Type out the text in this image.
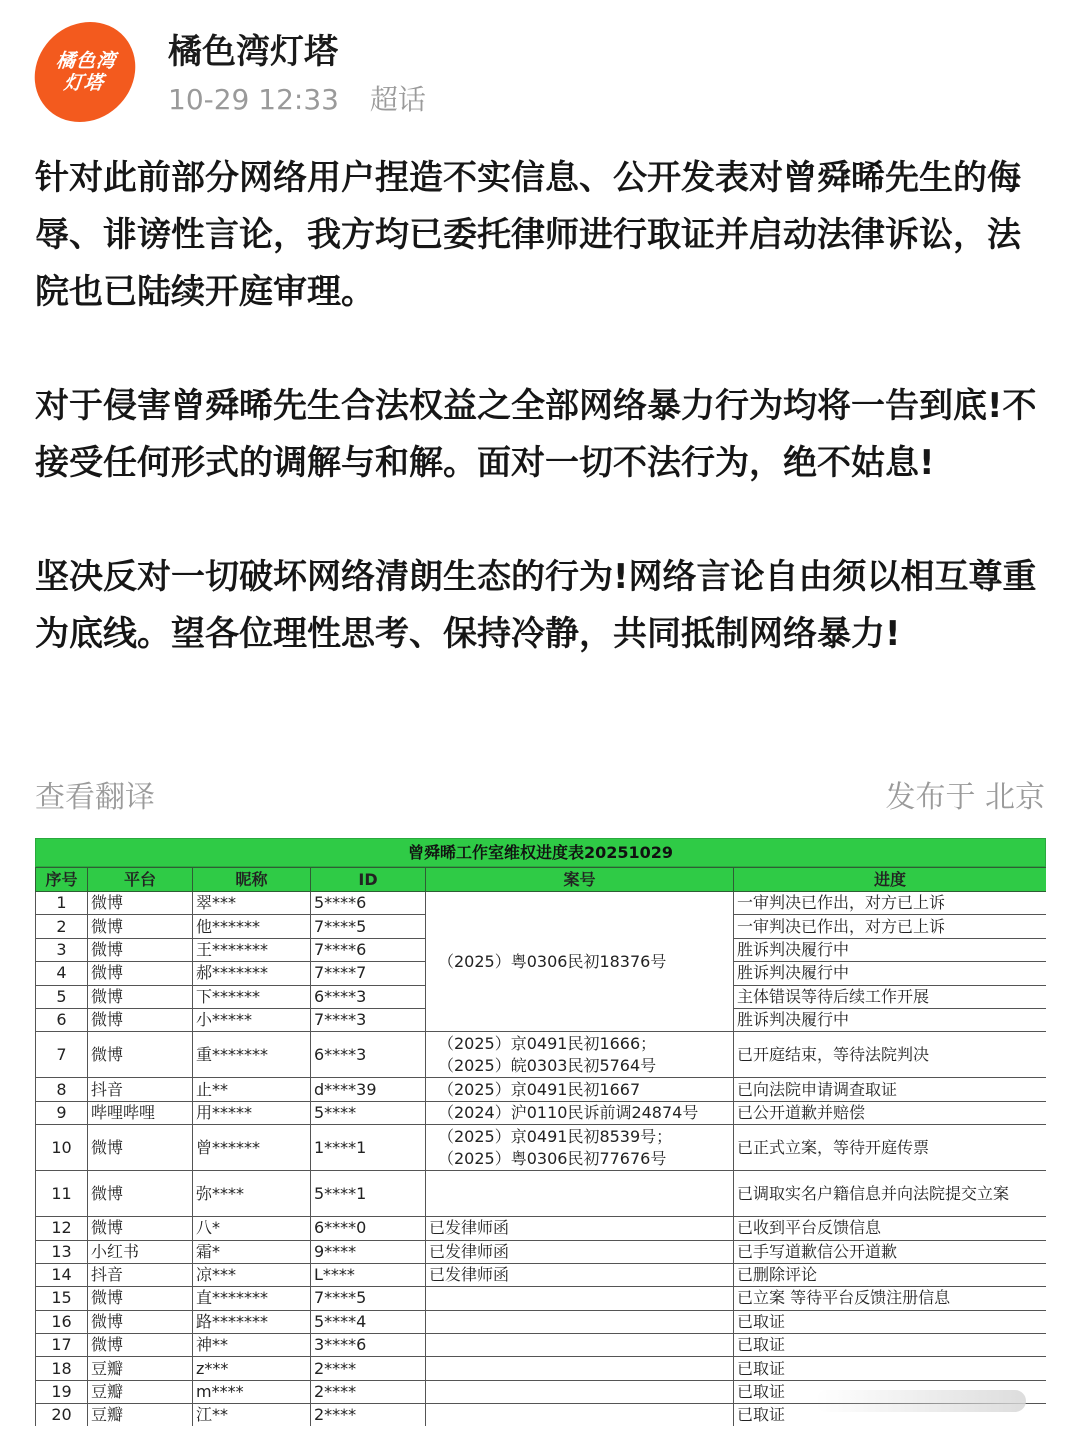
橘色湾
灯塔
橘色湾灯塔
10-29 12:33 超话

针对此前部分网络用户捏造不实信息、公开发表对曾舜晞先生的侮辱、诽谤性言论，我方均已委托律师进行取证并启动法律诉讼，法院也已陆续开庭审理。

对于侵害曾舜晞先生合法权益之全部网络暴力行为均将一告到底!不接受任何形式的调解与和解。面对一切不法行为，绝不姑息!

坚决反对一切破坏网络清朗生态的行为!网络言论自由须以相互尊重为底线。望各位理性思考、保持冷静，共同抵制网络暴力!

查看翻译	发布于 北京
曾舜晞工作室维权进度表20251029
序号	平台	昵称	ID	案号	进度
1	微博	翠***	5****6	（2025）粤0306民初18376号	一审判决已作出，对方已上诉
2	微博	他******	7****5		一审判决已作出，对方已上诉
3	微博	王*******	7****6		胜诉判决履行中
4	微博	郝*******	7****7		胜诉判决履行中
5	微博	下******	6****3		主体错误等待后续工作开展
6	微博	小*****	7****3		胜诉判决履行中
7	微博	重*******	6****3	（2025）京0491民初1666；
（2025）皖0303民初5764号	已开庭结束，等待法院判决
8	抖音	止**	d****39	（2025）京0491民初1667	已向法院申请调查取证
9	哔哩哔哩	用*****	5****	（2024）沪0110民诉前调24874号	已公开道歉并赔偿
10	微博	曾******	1****1	（2025）京0491民初8539号；
（2025）粤0306民初77676号	已正式立案，等待开庭传票
11	微博	弥****	5****1		已调取实名户籍信息并向法院提交立案
12	微博	八*	6****0	已发律师函	已收到平台反馈信息
13	小红书	霜*	9****	已发律师函	已手写道歉信公开道歉
14	抖音	凉***	L****	已发律师函	已删除评论
15	微博	直*******	7****5		已立案 等待平台反馈注册信息
16	微博	路*******	5****4		已取证
17	微博	神**	3****6		已取证
18	豆瓣	z***	2****		已取证
19	豆瓣	m****	2****		已取证
20	豆瓣	江**	2****		已取证
